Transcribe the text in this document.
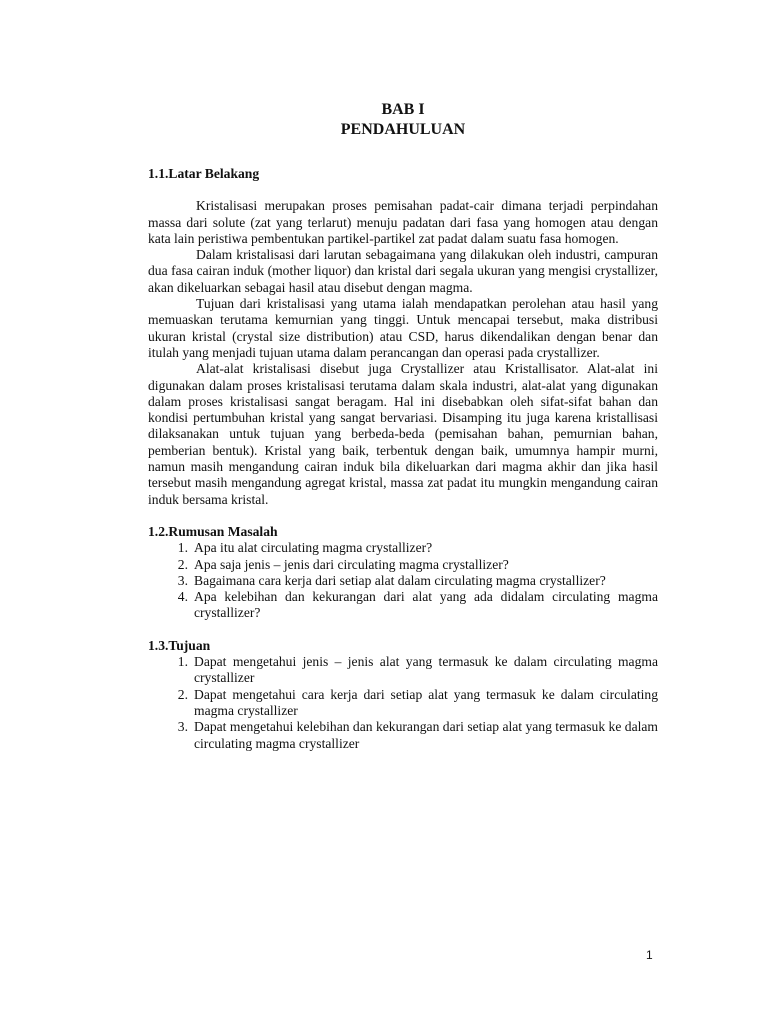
BAB I
PENDAHULUAN

1.1.Latar Belakang

Kristalisasi merupakan proses pemisahan padat-cair dimana terjadi perpindahan massa dari solute (zat yang terlarut) menuju padatan dari fasa yang homogen atau dengan kata lain peristiwa pembentukan partikel-partikel zat padat dalam suatu fasa homogen.

Dalam kristalisasi dari larutan sebagaimana yang dilakukan oleh industri, campuran dua fasa cairan induk (mother liquor) dan kristal dari segala ukuran yang mengisi crystallizer, akan dikeluarkan sebagai hasil atau disebut dengan magma.

Tujuan dari kristalisasi yang utama ialah mendapatkan perolehan atau hasil yang memuaskan terutama kemurnian yang tinggi. Untuk mencapai tersebut, maka distribusi ukuran kristal (crystal size distribution) atau CSD, harus dikendalikan dengan benar dan itulah yang menjadi tujuan utama dalam perancangan dan operasi pada crystallizer.

Alat-alat kristalisasi disebut juga Crystallizer atau Kristallisator. Alat-alat ini digunakan dalam proses kristalisasi terutama dalam skala industri, alat-alat yang digunakan dalam proses kristalisasi sangat beragam. Hal ini disebabkan oleh sifat-sifat bahan dan kondisi pertumbuhan kristal yang sangat bervariasi. Disamping itu juga karena kristallisasi dilaksanakan untuk tujuan yang berbeda-beda (pemisahan bahan, pemurnian bahan, pemberian bentuk). Kristal yang baik, terbentuk dengan baik, umumnya hampir murni, namun masih mengandung cairan induk bila dikeluarkan dari magma akhir dan jika hasil tersebut masih mengandung agregat kristal, massa zat padat itu mungkin mengandung cairan induk bersama kristal.

1.2.Rumusan Masalah

1. Apa itu alat circulating magma crystallizer?
2. Apa saja jenis – jenis dari circulating magma crystallizer?
3. Bagaimana cara kerja dari setiap alat dalam circulating magma crystallizer?
4. Apa kelebihan dan kekurangan dari alat yang ada didalam circulating magma crystallizer?

1.3.Tujuan

1. Dapat mengetahui jenis – jenis alat yang termasuk ke dalam circulating magma crystallizer
2. Dapat mengetahui cara kerja dari setiap alat yang termasuk ke dalam circulating magma crystallizer
3. Dapat mengetahui kelebihan dan kekurangan dari setiap alat yang termasuk ke dalam circulating magma crystallizer
1
